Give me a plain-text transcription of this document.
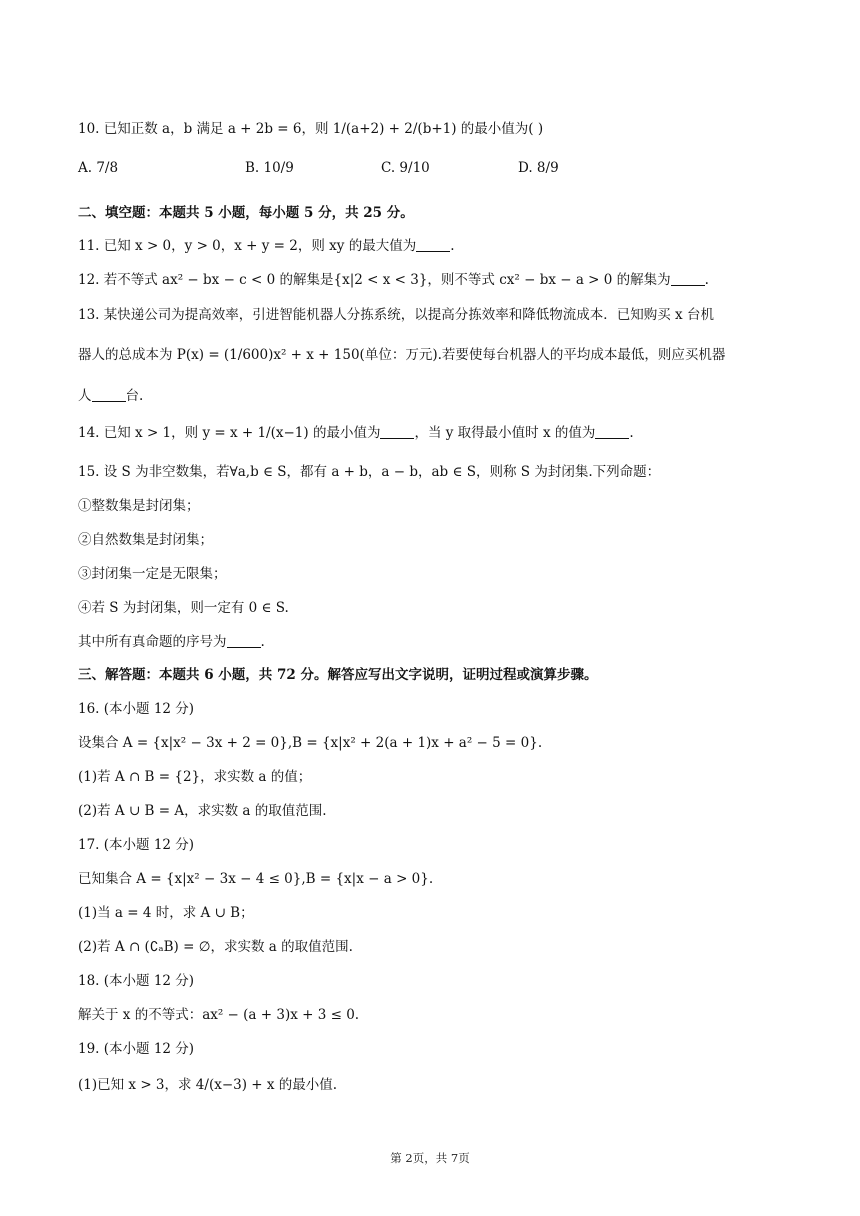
10. 已知正数 a，b 满足 a + 2b = 6，则 1/(a+2) + 2/(b+1) 的最小值为( )
A. 7/8	B. 10/9	C. 9/10	D. 8/9
二、填空题：本题共 5 小题，每小题 5 分，共 25 分。
11. 已知 x > 0，y > 0，x + y = 2，则 xy 的最大值为	.
12. 若不等式 ax² − bx − c < 0 的解集是{x|2 < x < 3}，则不等式 cx² − bx − a > 0 的解集为	.
13. 某快递公司为提高效率，引进智能机器人分拣系统，以提高分拣效率和降低物流成本．已知购买 x 台机
器人的总成本为 P(x) = (1/600)x² + x + 150(单位：万元).若要使每台机器人的平均成本最低，则应买机器
人	台.
14. 已知 x > 1，则 y = x + 1/(x−1) 的最小值为	，当 y 取得最小值时 x 的值为	.
15. 设 S 为非空数集，若∀a,b ∈ S，都有 a + b，a − b，ab ∈ S，则称 S 为封闭集.下列命题：
①整数集是封闭集；
②自然数集是封闭集；
③封闭集一定是无限集；
④若 S 为封闭集，则一定有 0 ∈ S.
其中所有真命题的序号为	.
三、解答题：本题共 6 小题，共 72 分。解答应写出文字说明，证明过程或演算步骤。
16. (本小题 12 分)
设集合 A = {x|x² − 3x + 2 = 0},B = {x|x² + 2(a + 1)x + a² − 5 = 0}.
(1)若 A ∩ B = {2}，求实数 a 的值；
(2)若 A ∪ B = A，求实数 a 的取值范围.
17. (本小题 12 分)
已知集合 A = {x|x² − 3x − 4 ≤ 0},B = {x|x − a > 0}.
(1)当 a = 4 时，求 A ∪ B；
(2)若 A ∩ (∁ₐB) = ∅，求实数 a 的取值范围.
18. (本小题 12 分)
解关于 x 的不等式：ax² − (a + 3)x + 3 ≤ 0.
19. (本小题 12 分)
(1)已知 x > 3，求 4/(x−3) + x 的最小值.
第 2页，共 7页
